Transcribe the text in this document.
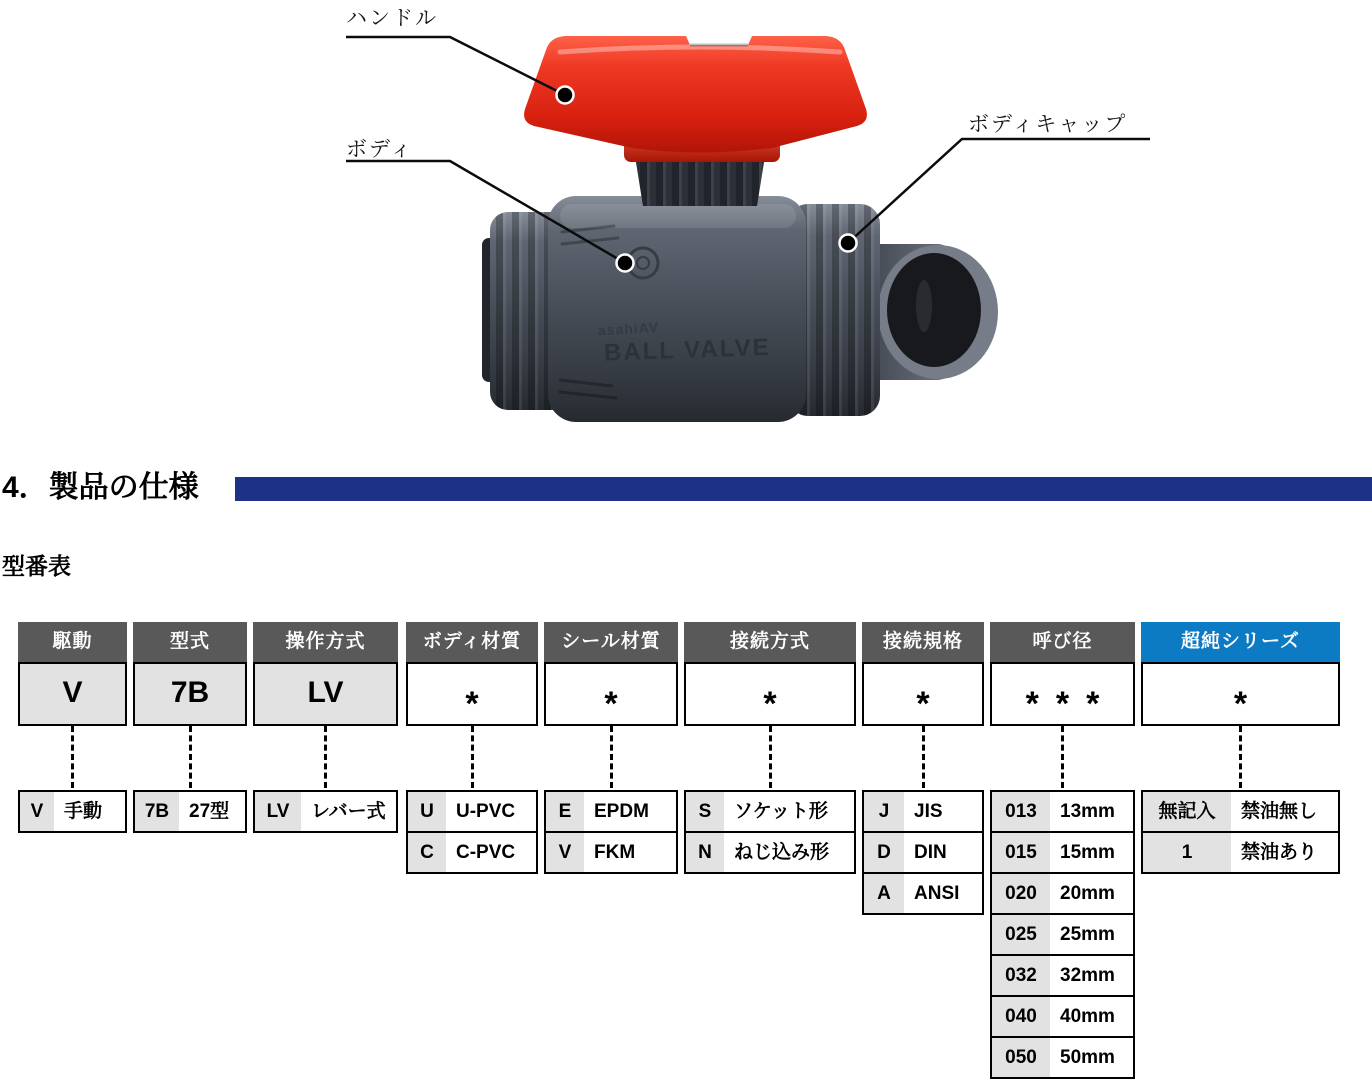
asahiAV
BALL VALVE
ハンドル
ボディ
ボディキャップ
4．製品の仕様
型番表
駆動
V
V	手動
型式
7B
7B	27型
操作方式
LV
LV	レバー式
ボディ材質
*
U	U-PVC
C	C-PVC
シール材質
*
E	EPDM
V	FKM
接続方式
*
S	ソケット形
N	ねじ込み形
接続規格
*
J	JIS
D	DIN
A	ANSI
呼び径
***
013	13mm
015	15mm
020	20mm
025	25mm
032	32mm
040	40mm
050	50mm
超純シリーズ
*
無記入	禁油無し
1	禁油あり
